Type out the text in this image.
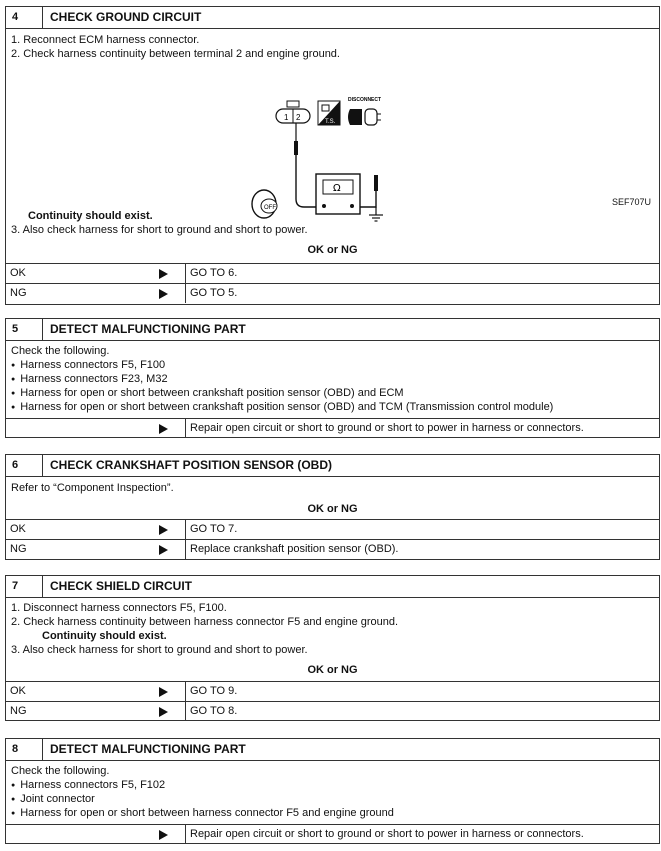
4	CHECK GROUND CIRCUIT
1. Reconnect ECM harness connector.
2. Check harness continuity between terminal 2 and engine ground.
1 2
Ω
OFF
T.S.
DISCONNECT
SEF707U
Continuity should exist.
3. Also check harness for short to ground and short to power.
OK or NG
OK	GO TO 6.
NG	GO TO 5.
5	DETECT MALFUNCTIONING PART
Check the following.
● Harness connectors F5, F100
● Harness connectors F23, M32
● Harness for open or short between crankshaft position sensor (OBD) and ECM
● Harness for open or short between crankshaft position sensor (OBD) and TCM (Transmission control module)
Repair open circuit or short to ground or short to power in harness or connectors.
6	CHECK CRANKSHAFT POSITION SENSOR (OBD)
Refer to “Component Inspection”.
OK or NG
OK	GO TO 7.
NG	Replace crankshaft position sensor (OBD).
7	CHECK SHIELD CIRCUIT
1. Disconnect harness connectors F5, F100.
2. Check harness continuity between harness connector F5 and engine ground.
Continuity should exist.
3. Also check harness for short to ground and short to power.
OK or NG
OK	GO TO 9.
NG	GO TO 8.
8	DETECT MALFUNCTIONING PART
Check the following.
● Harness connectors F5, F102
● Joint connector
● Harness for open or short between harness connector F5 and engine ground
Repair open circuit or short to ground or short to power in harness or connectors.
